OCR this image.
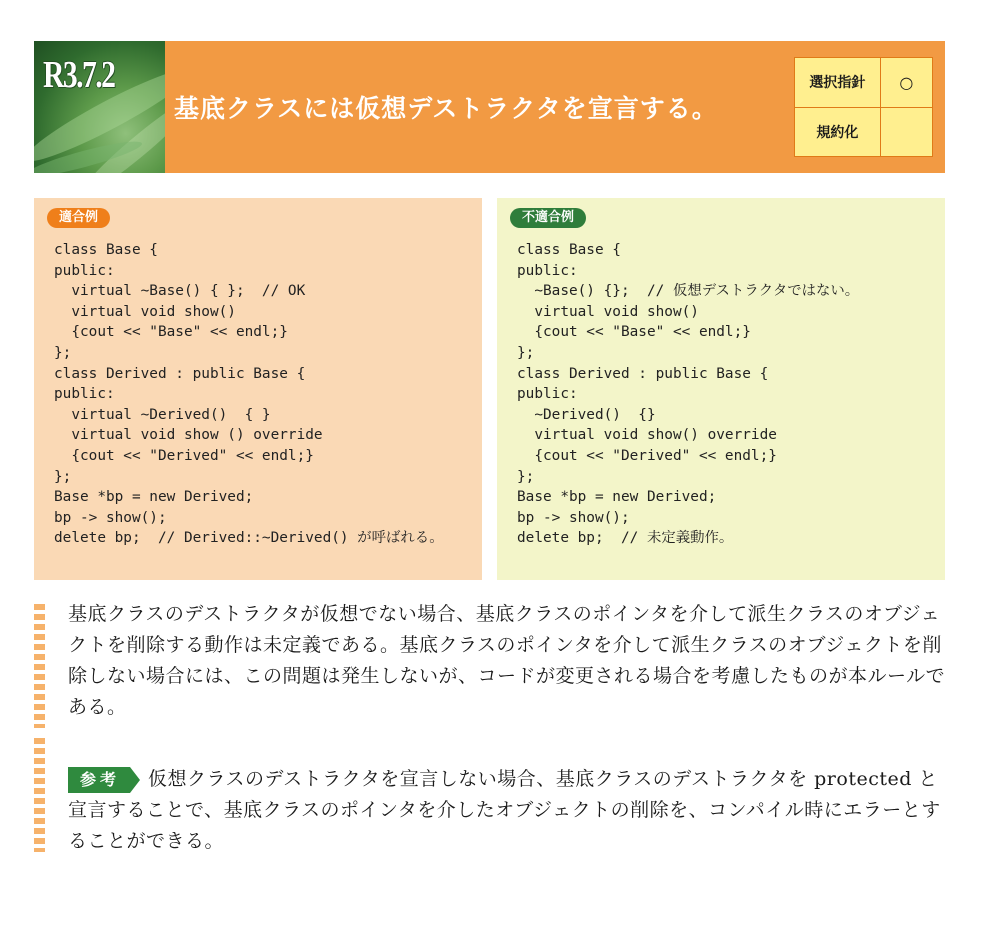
R3.7.2
基底クラスには仮想デストラクタを宣言する。
選択指針	○
規約化	
適合例
class Base {
public:
virtual ~Base() { };  // OK
virtual void show()
{cout << "Base" << endl;}
};
class Derived : public Base {
public:
virtual ~Derived()  { }
virtual void show () override
{cout << "Derived" << endl;}
};
Base *bp = new Derived;
bp -> show();
delete bp;  // Derived::~Derived() が呼ばれる。
不適合例
class Base {
public:
~Base() {};  // 仮想デストラクタではない。
virtual void show()
{cout << "Base" << endl;}
};
class Derived : public Base {
public:
~Derived()  {}
virtual void show() override
{cout << "Derived" << endl;}
};
Base *bp = new Derived;
bp -> show();
delete bp;  // 未定義動作。
基底クラスのデストラクタが仮想でない場合、基底クラスのポインタを介して派生クラスのオブジェクトを削除する動作は未定義である。基底クラスのポインタを介して派生クラスのオブジェクトを削除しない場合には、この問題は発生しないが、コードが変更される場合を考慮したものが本ルールである。
参考 仮想クラスのデストラクタを宣言しない場合、基底クラスのデストラクタを protected と宣言することで、基底クラスのポインタを介したオブジェクトの削除を、コンパイル時にエラーとすることができる。
